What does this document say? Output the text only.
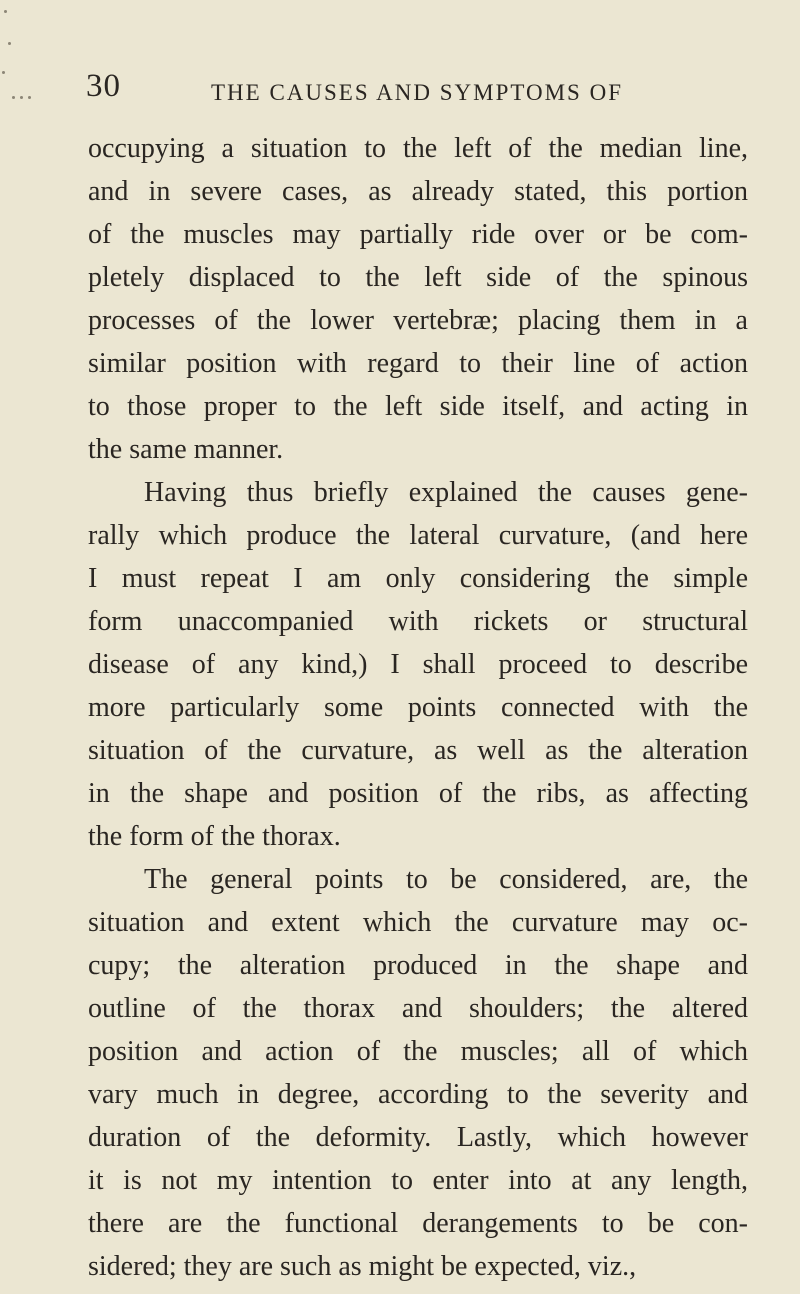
30	THE CAUSES AND SYMPTOMS OF
occupying a situation to the left of the median line,
and in severe cases, as already stated, this portion
of the muscles may partially ride over or be com-
pletely displaced to the left side of the spinous
processes of the lower vertebræ; placing them in a
similar position with regard to their line of action
to those proper to the left side itself, and acting in
the same manner.
Having thus briefly explained the causes gene-
rally which produce the lateral curvature, (and here
I must repeat I am only considering the simple
form unaccompanied with rickets or structural
disease of any kind,) I shall proceed to describe
more particularly some points connected with the
situation of the curvature, as well as the alteration
in the shape and position of the ribs, as affecting
the form of the thorax.
The general points to be considered, are, the
situation and extent which the curvature may oc-
cupy; the alteration produced in the shape and
outline of the thorax and shoulders; the altered
position and action of the muscles; all of which
vary much in degree, according to the severity and
duration of the deformity. Lastly, which however
it is not my intention to enter into at any length,
there are the functional derangements to be con-
sidered; they are such as might be expected, viz.,
